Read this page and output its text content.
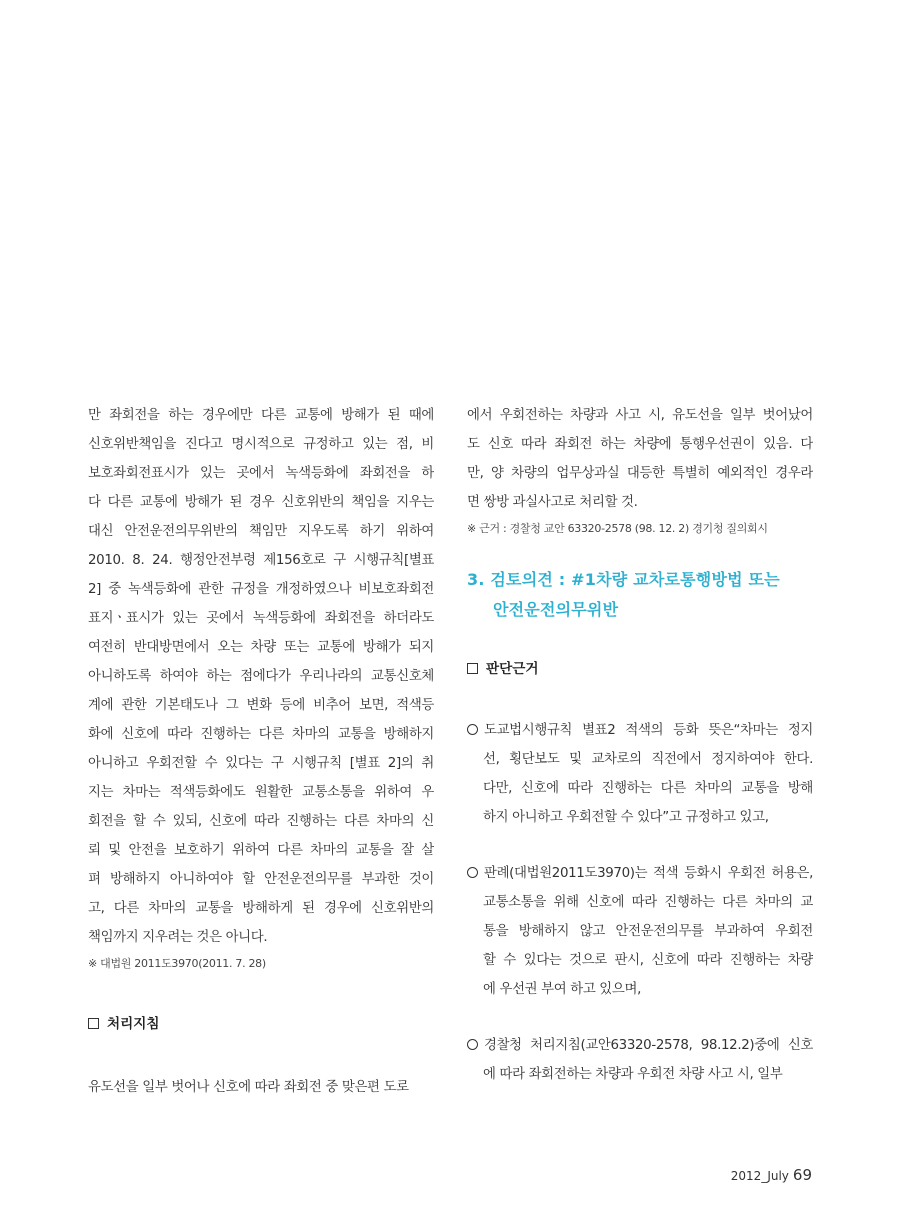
만 좌회전을 하는 경우에만 다른 교통에 방해가 된 때에
신호위반책임을 진다고 명시적으로 규정하고 있는 점, 비
보호좌회전표시가 있는 곳에서 녹색등화에 좌회전을 하
다 다른 교통에 방해가 된 경우 신호위반의 책임을 지우는
대신 안전운전의무위반의 책임만 지우도록 하기 위하여
2010. 8. 24. 행정안전부령 제156호로 구 시행규칙[별표
2] 중 녹색등화에 관한 규정을 개정하였으나 비보호좌회전
표지ㆍ표시가 있는 곳에서 녹색등화에 좌회전을 하더라도
여전히 반대방면에서 오는 차량 또는 교통에 방해가 되지
아니하도록 하여야 하는 점에다가 우리나라의 교통신호체
계에 관한 기본태도나 그 변화 등에 비추어 보면, 적색등
화에 신호에 따라 진행하는 다른 차마의 교통을 방해하지
아니하고 우회전할 수 있다는 구 시행규칙 [별표 2]의 취
지는 차마는 적색등화에도 원활한 교통소통을 위하여 우
회전을 할 수 있되, 신호에 따라 진행하는 다른 차마의 신
뢰 및 안전을 보호하기 위하여 다른 차마의 교통을 잘 살
펴 방해하지 아니하여야 할 안전운전의무를 부과한 것이
고, 다른 차마의 교통을 방해하게 된 경우에 신호위반의
책임까지 지우려는 것은 아니다.
※ 대법원 2011도3970(2011. 7. 28)
처리지침
유도선을 일부 벗어나 신호에 따라 좌회전 중 맞은편 도로
에서 우회전하는 차량과 사고 시, 유도선을 일부 벗어났어
도 신호 따라 좌회전 하는 차량에 통행우선권이 있음. 다
만, 양 차량의 업무상과실 대등한 특별히 예외적인 경우라
면 쌍방 과실사고로 처리할 것.
※ 근거 : 경찰청 교안 63320-2578 (98. 12. 2) 경기청 질의회시
3. 검토의견 : #1차량 교차로통행방법 또는
안전운전의무위반
판단근거
도교법시행규칙 별표2 적색의 등화 뜻은“차마는 정지
선, 횡단보도 및 교차로의 직전에서 정지하여야 한다.
다만, 신호에 따라 진행하는 다른 차마의 교통을 방해
하지 아니하고 우회전할 수 있다”고 규정하고 있고,
판례(대법원2011도3970)는 적색 등화시 우회전 허용은,
교통소통을 위해 신호에 따라 진행하는 다른 차마의 교
통을 방해하지 않고 안전운전의무를 부과하여 우회전
할 수 있다는 것으로 판시, 신호에 따라 진행하는 차량
에 우선권 부여 하고 있으며,
경찰청 처리지침(교안63320-2578, 98.12.2)중에 신호
에 따라 좌회전하는 차량과 우회전 차량 사고 시, 일부
2012_July 69
